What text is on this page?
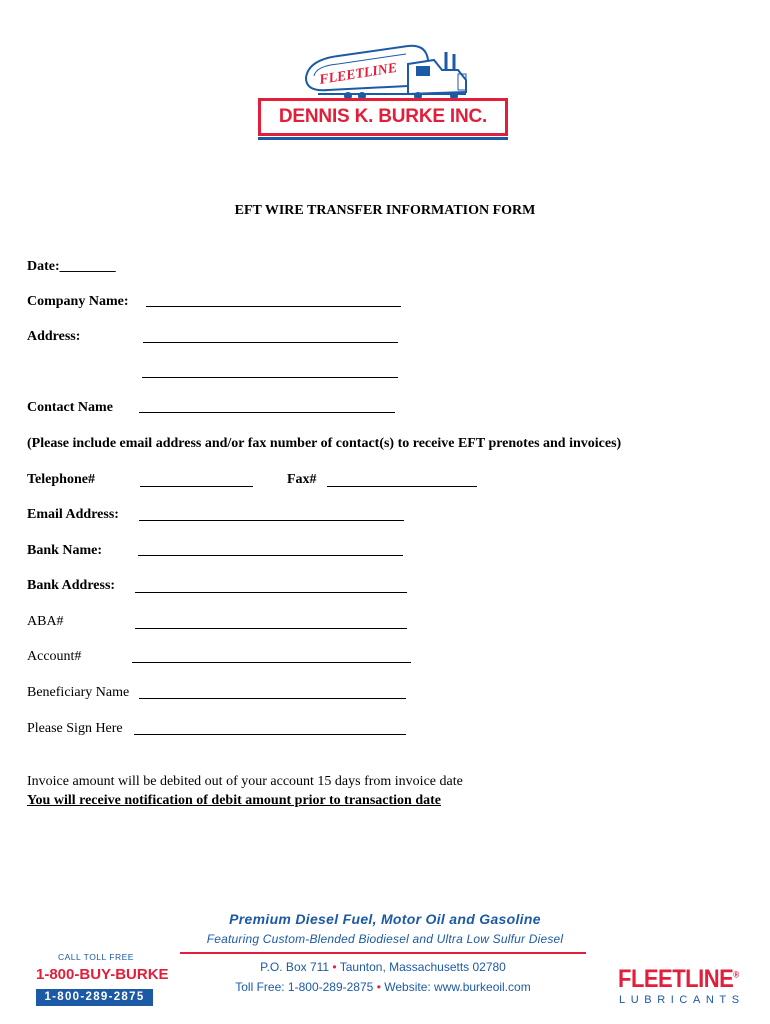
FLEETLINE
DENNIS K. BURKE INC.
EFT WIRE TRANSFER INFORMATION FORM
Date:________
Company Name:
Address:
Contact Name
(Please include email address and/or fax number of contact(s) to receive EFT prenotes and invoices)
Telephone#	Fax#
Email Address:
Bank Name:
Bank Address:
ABA#
Account#
Beneficiary Name
Please Sign Here
Invoice amount will be debited out of your account 15 days from invoice date
You will receive notification of debit amount prior to transaction date
Premium Diesel Fuel, Motor Oil and Gasoline
Featuring Custom-Blended Biodiesel and Ultra Low Sulfur Diesel
P.O. Box 711 • Taunton, Massachusetts 02780
Toll Free: 1-800-289-2875 • Website: www.burkeoil.com
CALL TOLL FREE
1-800-BUY-BURKE
1-800-289-2875
FLEETLINE®
LUBRICANTS
